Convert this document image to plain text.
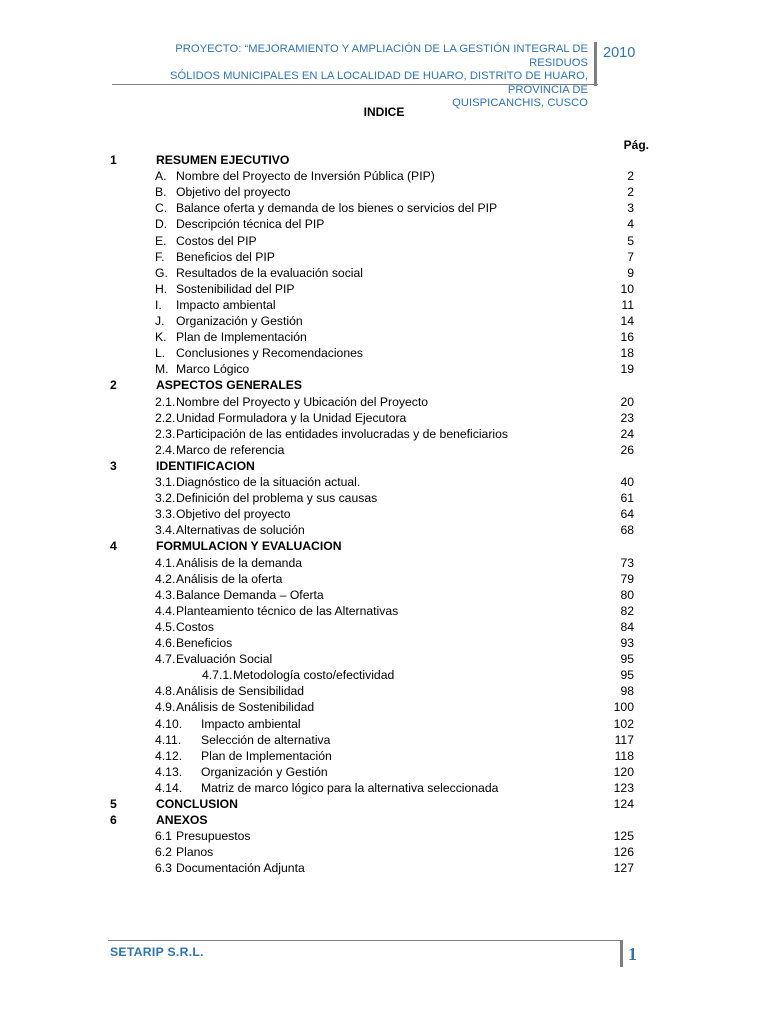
PROYECTO: “MEJORAMIENTO Y AMPLIACIÓN DE LA GESTIÓN INTEGRAL DE RESIDUOS
SÓLIDOS MUNICIPALES EN LA LOCALIDAD DE HUARO, DISTRITO DE HUARO, PROVINCIA DE
QUISPICANCHIS, CUSCO
2010
INDICE
Pág.
1	RESUMEN EJECUTIVO
A. Nombre del Proyecto de Inversión Pública (PIP)	2
B. Objetivo del proyecto	2
C. Balance oferta y demanda de los bienes o servicios del PIP	3
D. Descripción técnica del PIP	4
E. Costos del PIP	5
F. Beneficios del PIP	7
G. Resultados de la evaluación social	9
H. Sostenibilidad del PIP	10
I. Impacto ambiental	11
J. Organización y Gestión	14
K. Plan de Implementación	16
L. Conclusiones y Recomendaciones	18
M. Marco Lógico	19
2	ASPECTOS GENERALES
2.1. Nombre del Proyecto y Ubicación del Proyecto	20
2.2. Unidad Formuladora y la Unidad Ejecutora	23
2.3. Participación de las entidades involucradas y de beneficiarios	24
2.4. Marco de referencia	26
3	IDENTIFICACION
3.1. Diagnóstico de la situación actual.	40
3.2. Definición del problema y sus causas	61
3.3. Objetivo del proyecto	64
3.4. Alternativas de solución	68
4	FORMULACION Y EVALUACION
4.1. Análisis de la demanda	73
4.2. Análisis de la oferta	79
4.3. Balance Demanda – Oferta	80
4.4. Planteamiento técnico de las Alternativas	82
4.5. Costos	84
4.6. Beneficios	93
4.7. Evaluación Social	95
4.7.1. Metodología costo/efectividad	95
4.8. Análisis de Sensibilidad	98
4.9. Análisis de Sostenibilidad	100
4.10. Impacto ambiental	102
4.11. Selección de alternativa	117
4.12. Plan de Implementación	118
4.13. Organización y Gestión	120
4.14. Matriz de marco lógico para la alternativa seleccionada	123
5	CONCLUSION	124
6	ANEXOS
6.1 Presupuestos	125
6.2 Planos	126
6.3 Documentación Adjunta	127
SETARIP S.R.L.	1
